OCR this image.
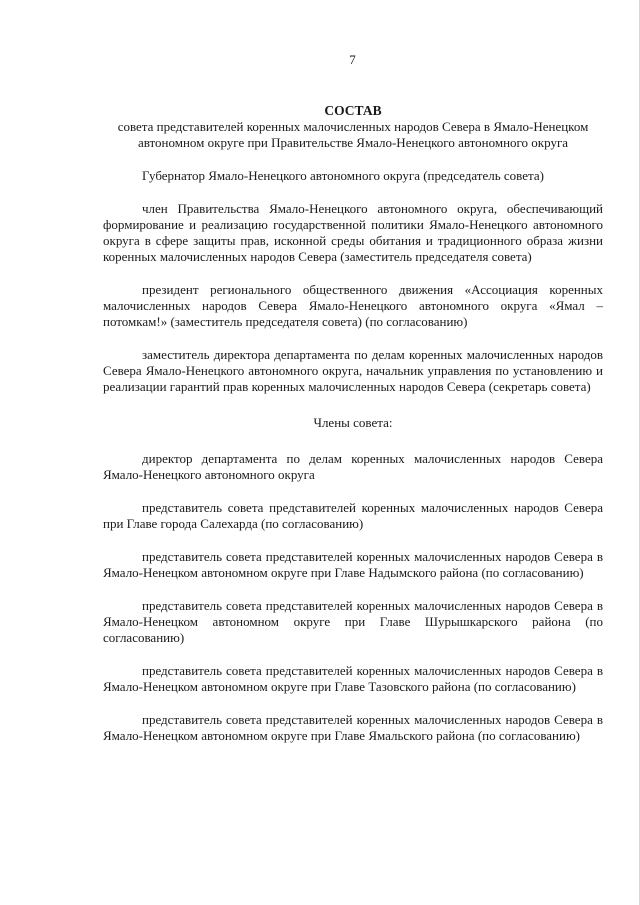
7
СОСТАВ
совета представителей коренных малочисленных народов Севера в Ямало-Ненецком автономном округе при Правительстве Ямало-Ненецкого автономного округа

Губернатор Ямало-Ненецкого автономного округа (председатель совета)

член Правительства Ямало-Ненецкого автономного округа, обеспечивающий формирование и реализацию государственной политики Ямало-Ненецкого автономного округа в сфере защиты прав, исконной среды обитания и традиционного образа жизни коренных малочисленных народов Севера (заместитель председателя совета)

президент регионального общественного движения «Ассоциация коренных малочисленных народов Севера Ямало-Ненецкого автономного округа «Ямал – потомкам!» (заместитель председателя совета) (по согласованию)

заместитель директора департамента по делам коренных малочисленных народов Севера Ямало-Ненецкого автономного округа, начальник управления по установлению и реализации гарантий прав коренных малочисленных народов Севера (секретарь совета)

Члены совета:

директор департамента по делам коренных малочисленных народов Севера Ямало-Ненецкого автономного округа

представитель совета представителей коренных малочисленных народов Севера при Главе города Салехарда (по согласованию)

представитель совета представителей коренных малочисленных народов Севера в Ямало-Ненецком автономном округе при Главе Надымского района (по согласованию)

представитель совета представителей коренных малочисленных народов Севера в Ямало-Ненецком автономном округе при Главе Шурышкарского района (по согласованию)

представитель совета представителей коренных малочисленных народов Севера в Ямало-Ненецком автономном округе при Главе Тазовского района (по согласованию)

представитель совета представителей коренных малочисленных народов Севера в Ямало-Ненецком автономном округе при Главе Ямальского района (по согласованию)
